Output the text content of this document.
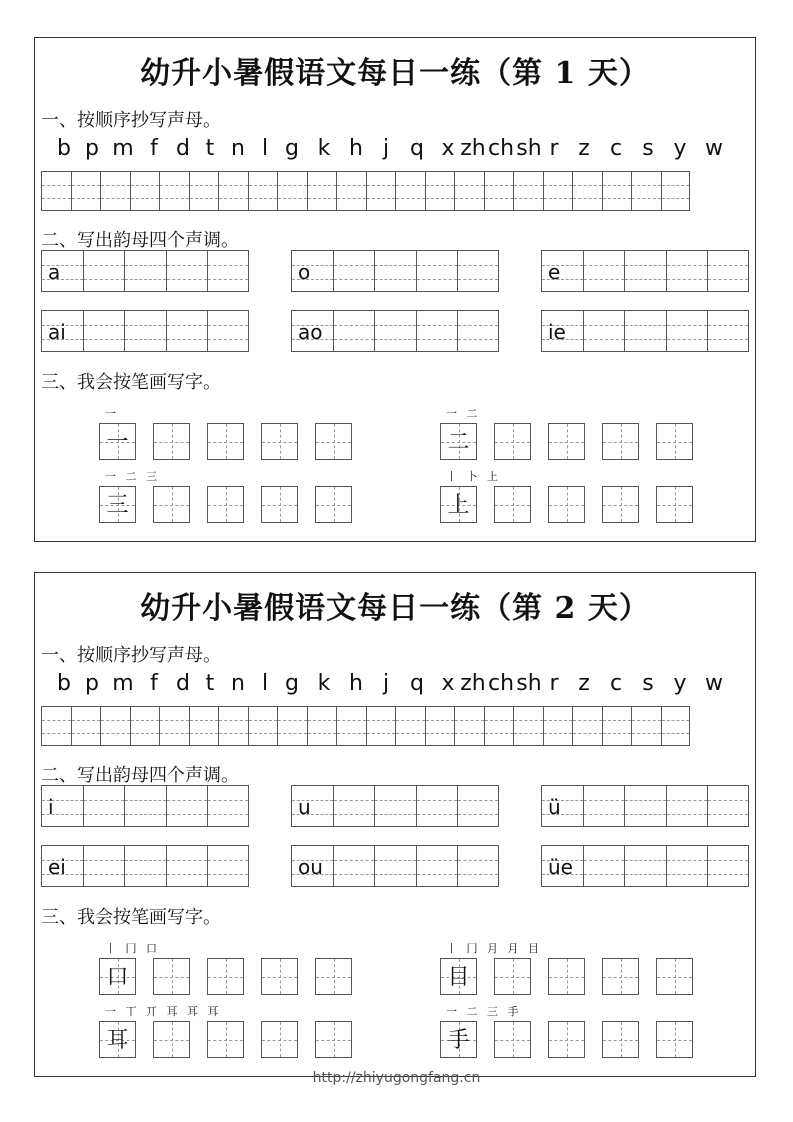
幼升小暑假语文每日一练（第 1 天）
一、按顺序抄写声母。
b p m f d t n l g k h j q x zh ch sh r z c s y w
二、写出韵母四个声调。
a	o	e
ai	ao	ie
三、我会按笔画写字。
一
一
一 二
二
一 二 三
三
丨 卜 上
上
幼升小暑假语文每日一练（第 2 天）
一、按顺序抄写声母。
b p m f d t n l g k h j q x zh ch sh r z c s y w
二、写出韵母四个声调。
i	u	ü
ei	ou	üe
三、我会按笔画写字。
丨 冂 口
口
丨 冂 月 月 目
目
一 丅 丌 耳 耳 耳
耳
一 二 三 手
手
http://zhiyugongfang.cn
